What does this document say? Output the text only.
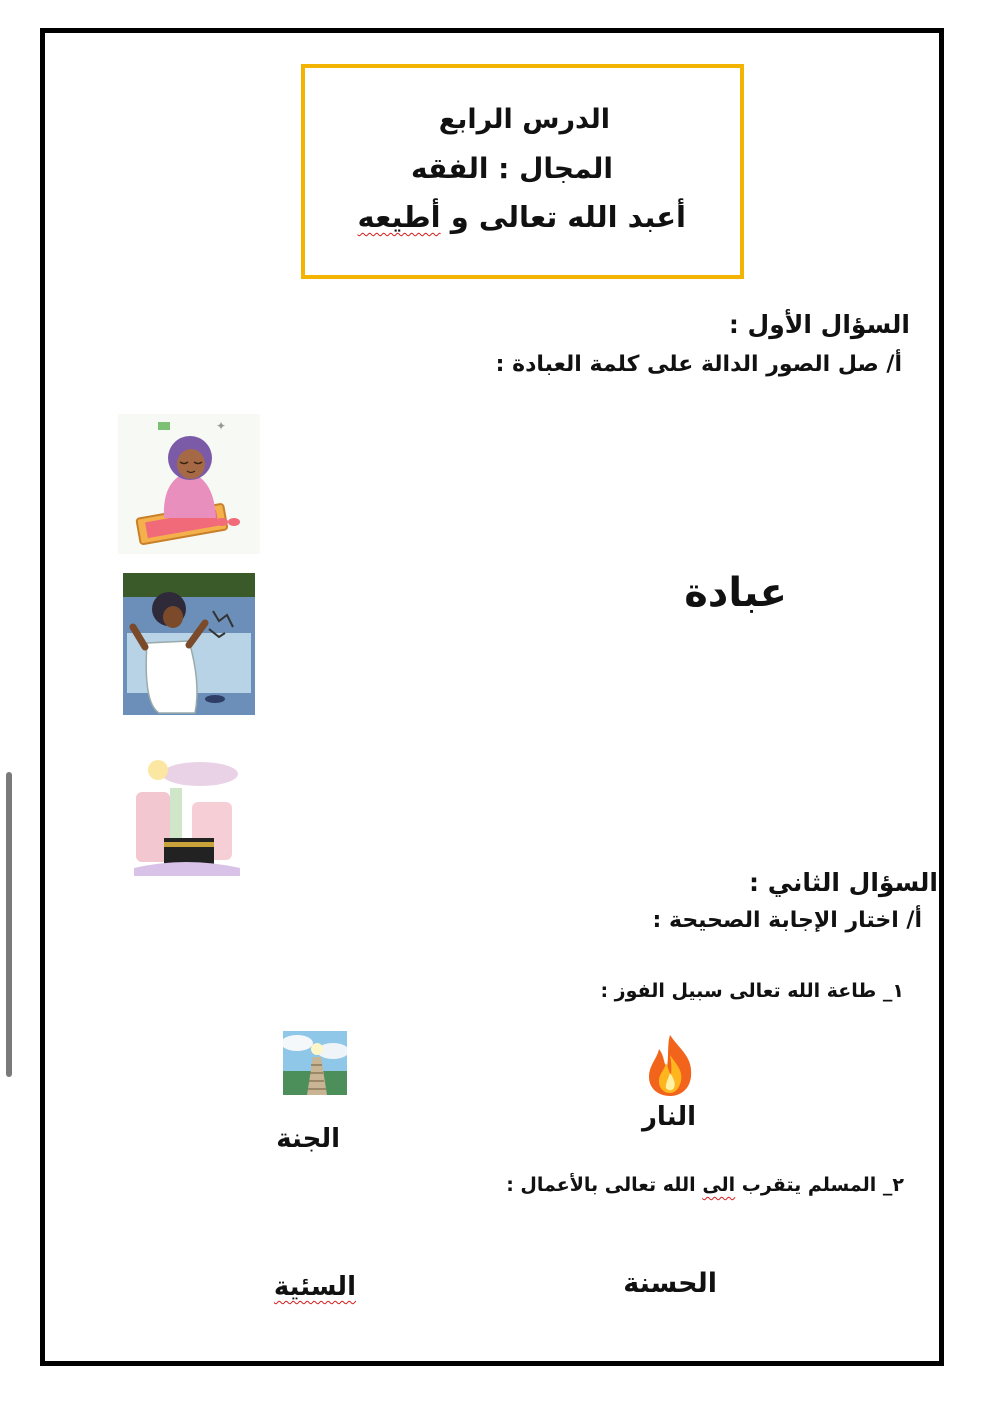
الدرس الرابع
المجال : الفقه
أعبد الله تعالى و أطيعه
السؤال الأول :
أ/ صل الصور الدالة على كلمة العبادة :
✦
عبادة
السؤال الثاني :
أ/ اختار الإجابة الصحيحة :
١_ طاعة الله تعالى سبيل الفوز :
النار
الجنة
٢_ المسلم يتقرب الى الله تعالى بالأعمال :
الحسنة
السئية
